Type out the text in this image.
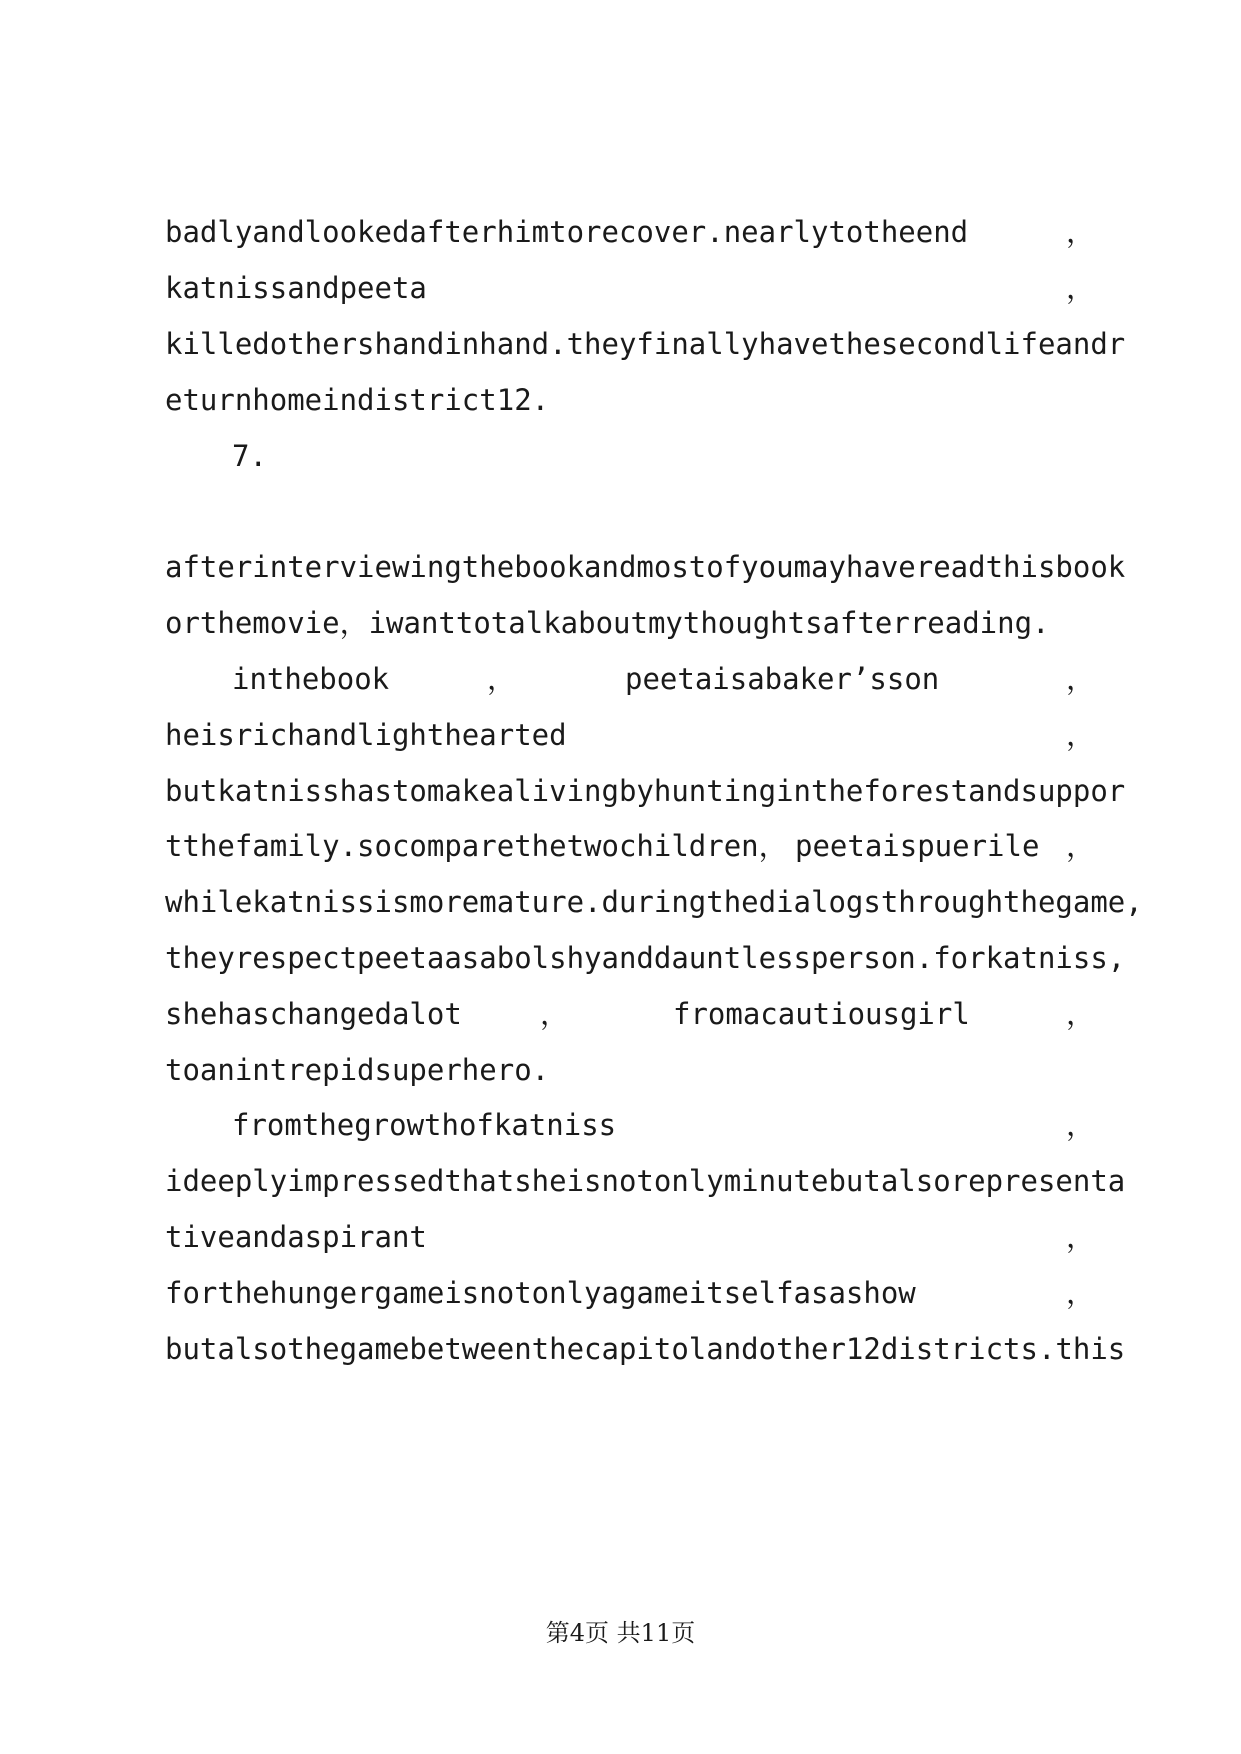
badlyandlookedafterhimtorecover.nearlytotheend

	，

katnissandpeeta

	，

killedothershandinhand.theyfinallyhavethesecondlifeandr

eturnhomeindistrict12.

7.

afterinterviewingthebookandmostofyoumayhavereadthisbook

orthemovie，iwanttotalkaboutmythoughtsafterreading.

inthebook

	，

	peetaisabaker’sson

	，

heisrichandlighthearted

	，

butkatnisshastomakealivingbyhuntingintheforestandsuppor

tthefamily.socomparethetwochildren，

peetaispuerile

，

whilekatnissismoremature.duringthedialogsthroughthegame,

theyrespectpeetaasabolshyanddauntlessperson.forkatniss,

shehaschangedalot

	，

	fromacautiousgirl

	，

toanintrepidsuperhero.

fromthegrowthofkatniss

	，

ideeplyimpressedthatsheisnotonlyminutebutalsorepresenta

tiveandaspirant

	，

forthehungergameisnotonlyagameitselfasashow

	，

butalsothegamebetweenthecapitolandother12districts.this

第4页 共11页
